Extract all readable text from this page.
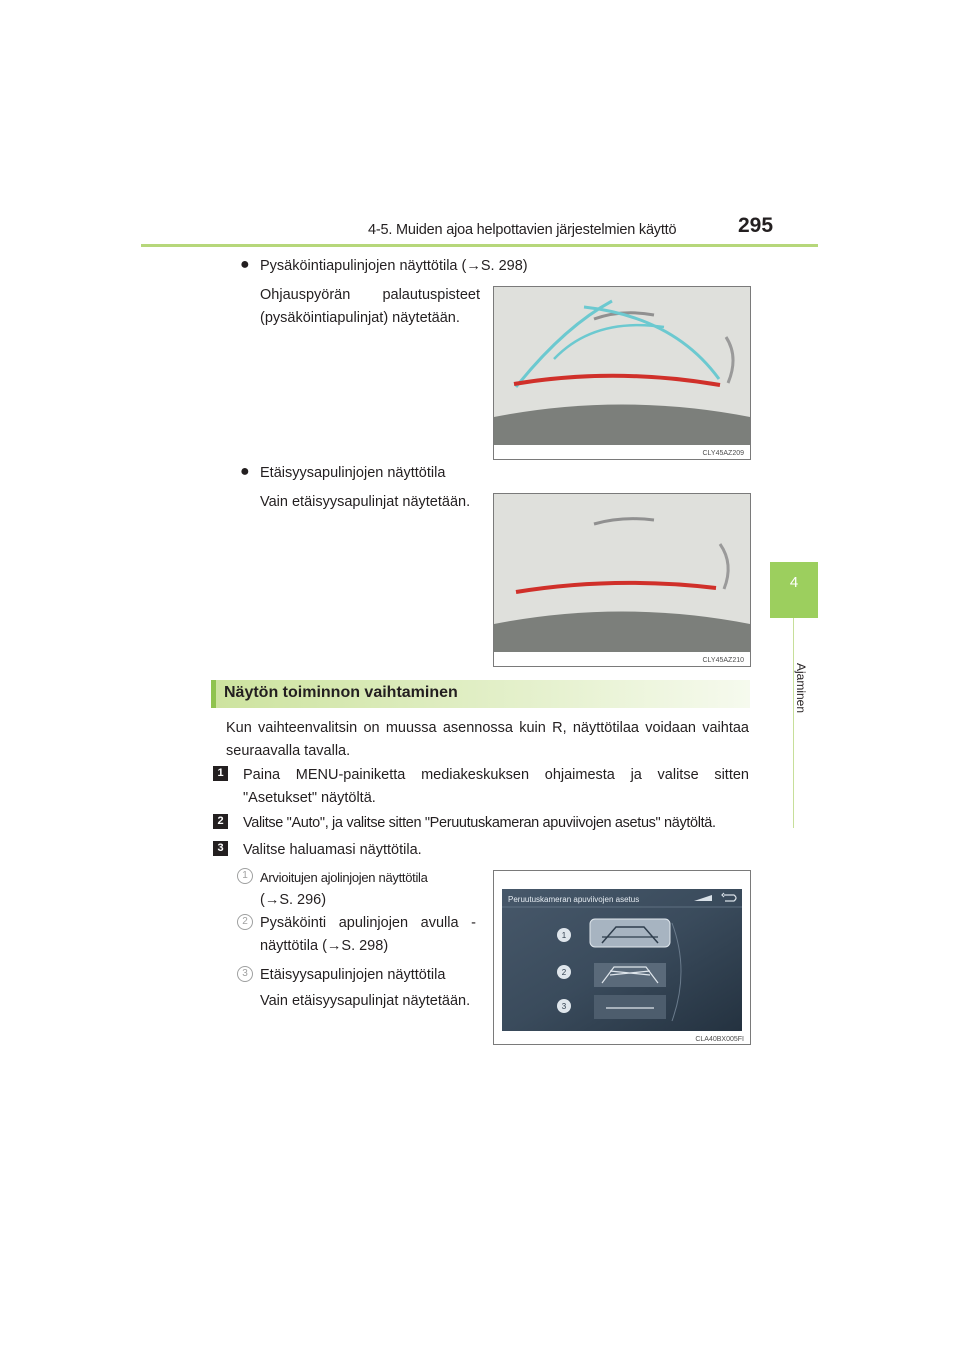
4-5. Muiden ajoa helpottavien järjestelmien käyttö	295
4
Ajaminen
● Pysäköintiapulinjojen näyttötila (→S. 298)
Ohjauspyörän palautuspisteet
(pysäköintiapulinjat) näytetään.
CLY45AZ209
● Etäisyysapulinjojen näyttötila
Vain etäisyysapulinjat näytetään.
CLY45AZ210
Näytön toiminnon vaihtaminen
Kun vaihteenvalitsin on muussa asennossa kuin R, näyttötilaa voidaan vaihtaa
seuraavalla tavalla.
1	Paina MENU-painiketta mediakeskuksen ohjaimesta ja valitse sitten
"Asetukset" näytöltä.
2	Valitse "Auto", ja valitse sitten "Peruutuskameran apuviivojen asetus" näytöltä.
3	Valitse haluamasi näyttötila.
1 Arvioitujen ajolinjojen näyttötila
(→S. 296)
2 Pysäköinti apulinjojen avulla -
näyttötila (→S. 298)
3 Etäisyysapulinjojen näyttötila
Vain etäisyysapulinjat näytetään.
Peruutuskameran apuviivojen asetus
1
2
3
CLA40BX005FI
